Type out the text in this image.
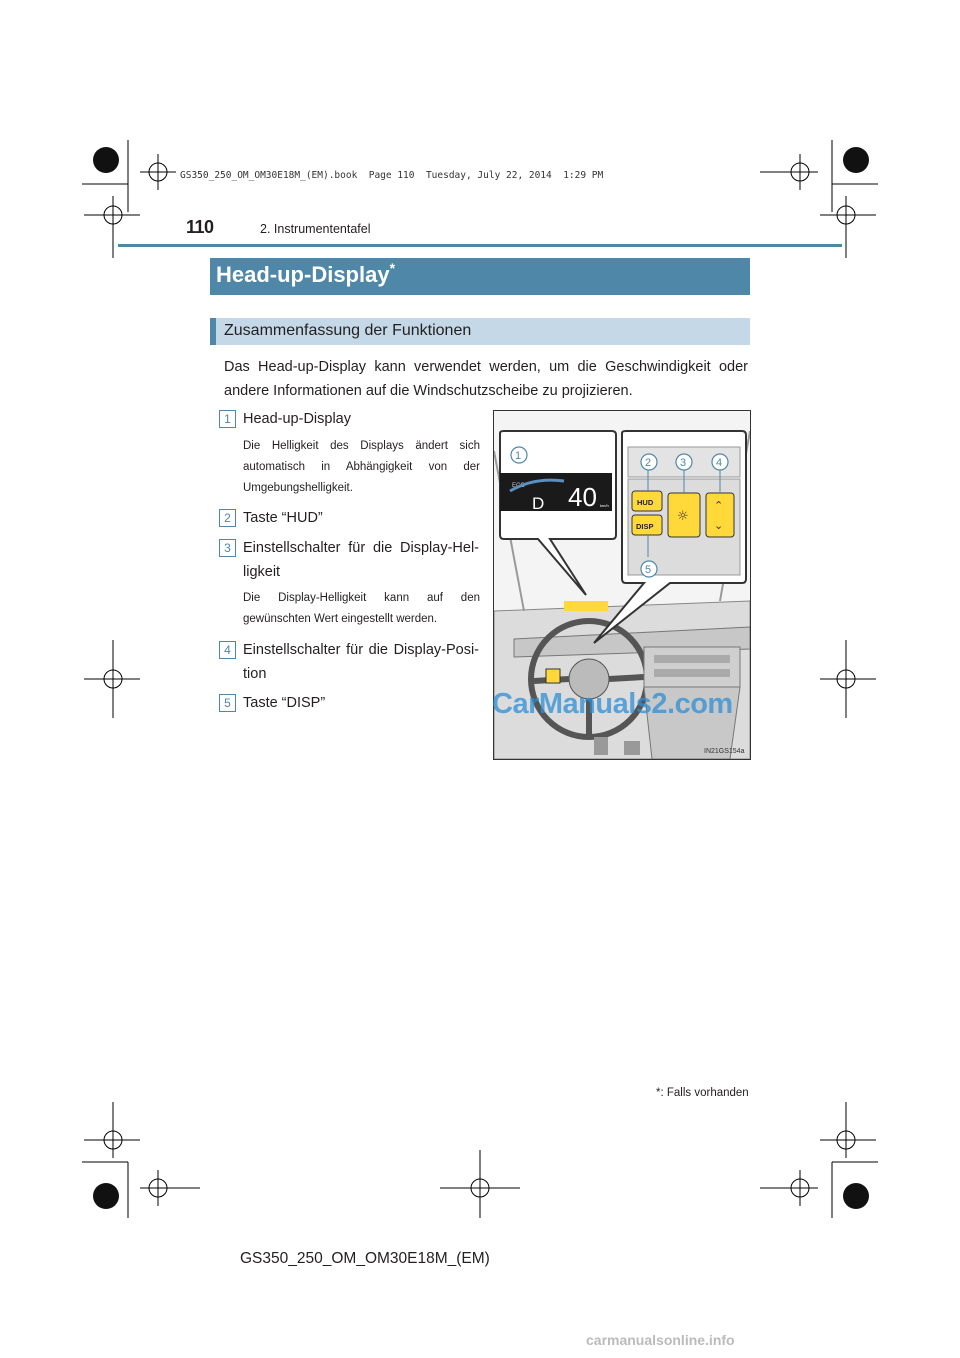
GS350_250_OM_OM30E18M_(EM).book  Page 110  Tuesday, July 22, 2014  1:29 PM
110	2. Instrumententafel
Head-up-Display*
Zusammenfassung der Funktionen
Das Head-up-Display kann verwendet werden, um die Geschwindigkeit oder andere Informationen auf die Windschutzscheibe zu projizieren.
1 Head-up-Display
Die Helligkeit des Displays ändert sich automatisch in Abhängigkeit von der Umgebungshelligkeit.
2 Taste “HUD”
3 Einstellschalter für die Display-Hel-ligkeit
Die Display-Helligkeit kann auf den gewünschten Wert eingestellt werden.
4 Einstellschalter für die Display-Posi-tion
5 Taste “DISP”
ECO
D 40 km/h
1
HUD
DISP
☼
⌃
⌄
2	3	4
5
IN21GS154a
CarManuals2.com
*: Falls vorhanden
GS350_250_OM_OM30E18M_(EM)
carmanualsonline.info
